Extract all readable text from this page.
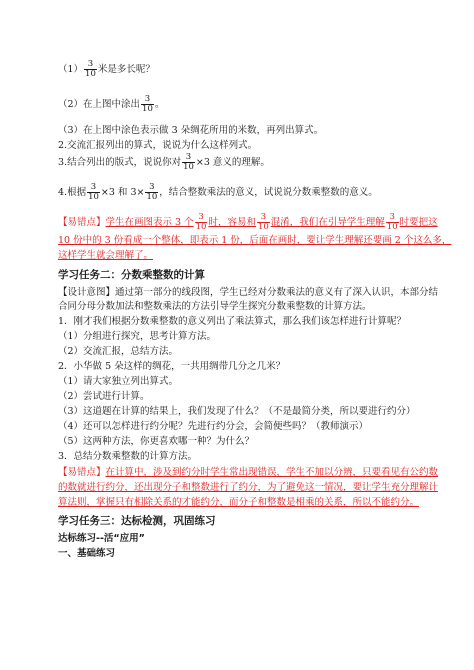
$(1) \frac{3}{10}$ 米是多长呢？
（2）在上图中涂出 $\frac{3}{10}$ 。
（3）在上图中涂色表示做 3 朵绸花所用的米数，再列出算式。
2.交流汇报列出的算式，说说为什么这样列式。
3.结合列出的版式，说说你对 $\frac{3}{10} \times 3$ 意义的理解。
4.根据 $\frac{3}{10} \times 3$ 和 $3\times \frac{3}{10}$ ，结合整数乘法的意义，试说说分数乘整数的意义。
【易错点】学生在画图表示 3 个 $\frac{3}{10}$ 时，容易和 $\frac{3}{10}$ 混淆，我们在引导学生理解 $\frac{3}{10}$ 时要把这
10 份中的 3 份看成一个整体，即表示 1 份，后面在画时，要让学生理解还要画 2 个这么多，
这样学生就会理解了。
学习任务二：分数乘整数的计算
【设计意图】通过第一部分的线段图，学生已经对分数乘法的意义有了深入认识，本部分结
合同分母分数加法和整数乘法的方法引导学生探究分数乘整数的计算方法。
1．刚才我们根据分数乘整数的意义列出了乘法算式，那么我们该怎样进行计算呢？
（1）分组进行探究，思考计算方法。
（2）交流汇报，总结方法。
2．小华做 5 朵这样的绸花，一共用绸带几分之几米？
（1）请大家独立列出算式。
（2）尝试进行计算。
（3）这道题在计算的结果上，我们发现了什么？（不是最简分类，所以要进行约分）
（4）还可以怎样进行约分呢？先进行约分会，会简便些吗？（教师演示）
（5）这两种方法，你更喜欢哪一种？为什么？
3．总结分数乘整数的计算方法。
【易错点】在计算中，涉及到约分时学生常出现错误，学生不加以分辨，只要看见有公约数
的数就进行约分，还出现分子和整数进行了约分，为了避免这一情况，要让学生充分理解计
算法则，掌握只有相除关系的才能约分，而分子和整数是相乘的关系，所以不能约分。
学习任务三：达标检测，巩固练习
达标练习--活“应用”
一、基础练习
